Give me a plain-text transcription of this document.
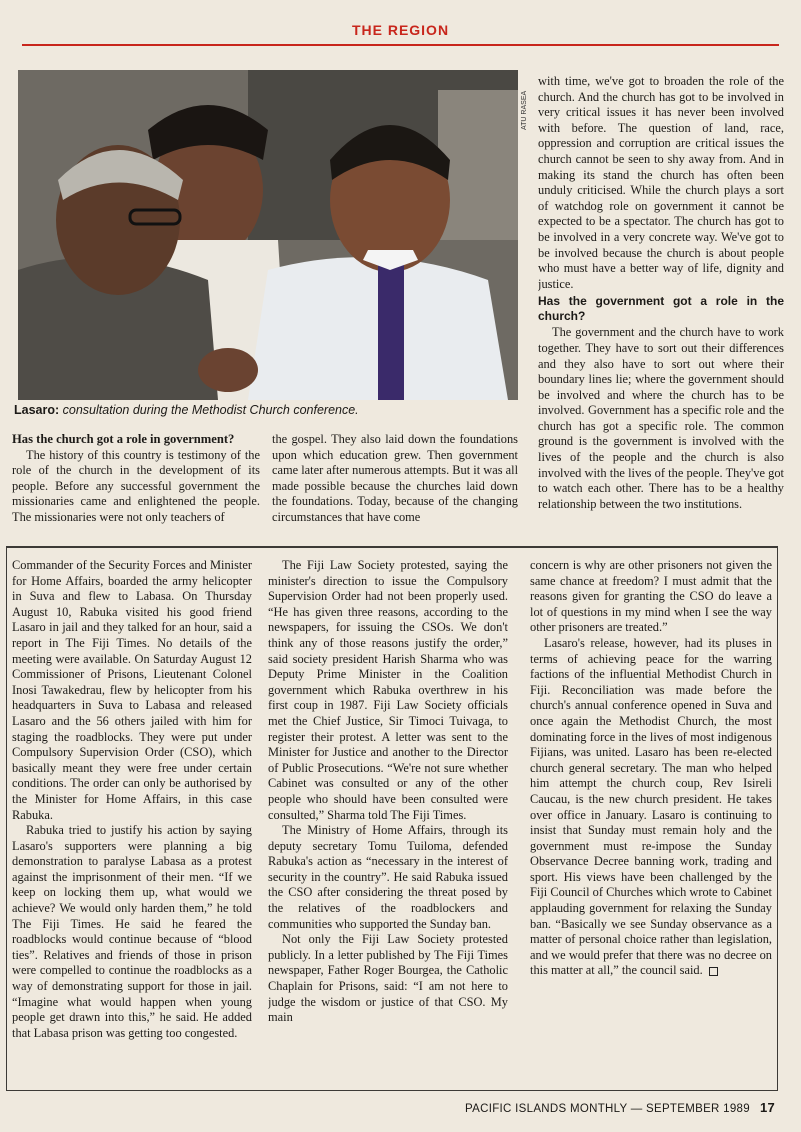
THE REGION
ATU RASEA
Lasaro: consultation during the Methodist Church conference.

Has the church got a role in government?

The history of this country is testimony of the role of the church in the development of its people. Before any successful government the missionaries came and enlightened the people. The missionaries were not only teachers of

the gospel. They also laid down the foundations upon which education grew. Then government came later after numerous attempts. But it was all made possible because the churches laid down the foundations. Today, because of the changing circumstances that have come

with time, we've got to broaden the role of the church. And the church has got to be involved in very critical issues it has never been involved with before. The question of land, race, oppression and corruption are critical issues the church cannot be seen to shy away from. And in making its stand the church has often been unduly criticised. While the church plays a sort of watchdog role on government it cannot be expected to be a spectator. The church has got to be involved in a very concrete way. We've got to be involved because the church is about people who must have a better way of life, dignity and justice.

Has the government got a role in the church?

The government and the church have to work together. They have to sort out their differences and they also have to sort out where their boundary lines lie; where the government should be involved and where the church has to be involved. Government has a specific role and the church has got a specific role. The common ground is the government is involved with the lives of the people and the church is also involved with the lives of the people. They've got to watch each other. There has to be a healthy relationship between the two institutions.

Commander of the Security Forces and Minister for Home Affairs, boarded the army helicopter in Suva and flew to Labasa. On Thursday August 10, Rabuka visited his good friend Lasaro in jail and they talked for an hour, said a report in The Fiji Times. No details of the meeting were available. On Saturday August 12 Commissioner of Prisons, Lieutenant Colonel Inosi Tawakedrau, flew by helicopter from his headquarters in Suva to Labasa and released Lasaro and the 56 others jailed with him for staging the roadblocks. They were put under Compulsory Supervision Order (CSO), which basically meant they were free under certain conditions. The order can only be authorised by the Minister for Home Affairs, in this case Rabuka.

Rabuka tried to justify his action by saying Lasaro's supporters were planning a big demonstration to paralyse Labasa as a protest against the imprisonment of their men. “If we keep on locking them up, what would we achieve? We would only harden them,” he told The Fiji Times. He said he feared the roadblocks would continue because of “blood ties”. Relatives and friends of those in prison were compelled to continue the roadblocks as a way of demonstrating support for those in jail. “Imagine what would happen when young people get drawn into this,” he said. He added that Labasa prison was getting too congested.

The Fiji Law Society protested, saying the minister's direction to issue the Compulsory Supervision Order had not been properly used. “He has given three reasons, according to the newspapers, for issuing the CSOs. We don't think any of those reasons justify the order,” said society president Harish Sharma who was Deputy Prime Minister in the Coalition government which Rabuka overthrew in his first coup in 1987. Fiji Law Society officials met the Chief Justice, Sir Timoci Tuivaga, to register their protest. A letter was sent to the Minister for Justice and another to the Director of Public Prosecutions. “We're not sure whether Cabinet was consulted or any of the other people who should have been consulted were consulted,” Sharma told The Fiji Times.

The Ministry of Home Affairs, through its deputy secretary Tomu Tuiloma, defended Rabuka's action as “necessary in the interest of security in the country”. He said Rabuka issued the CSO after considering the threat posed by the relatives of the roadblockers and communities who supported the Sunday ban.

Not only the Fiji Law Society protested publicly. In a letter published by The Fiji Times newspaper, Father Roger Bourgea, the Catholic Chaplain for Prisons, said: “I am not here to judge the wisdom or justice of that CSO. My main

concern is why are other prisoners not given the same chance at freedom? I must admit that the reasons given for granting the CSO do leave a lot of questions in my mind when I see the way other prisoners are treated.”

Lasaro's release, however, had its pluses in terms of achieving peace for the warring factions of the influential Methodist Church in Fiji. Reconciliation was made before the church's annual conference opened in Suva and once again the Methodist Church, the most dominating force in the lives of most indigenous Fijians, was united. Lasaro has been re-elected church general secretary. The man who helped him attempt the church coup, Rev Isireli Caucau, is the new church president. He takes over office in January. Lasaro is continuing to insist that Sunday must remain holy and the government must re-impose the Sunday Observance Decree banning work, trading and sport. His views have been challenged by the Fiji Council of Churches which wrote to Cabinet applauding government for relaxing the Sunday ban. “Basically we see Sunday observance as a matter of personal choice rather than legislation, and we would prefer that there was no decree on this matter at all,” the council said.

PACIFIC ISLANDS MONTHLY — SEPTEMBER 1989 17
